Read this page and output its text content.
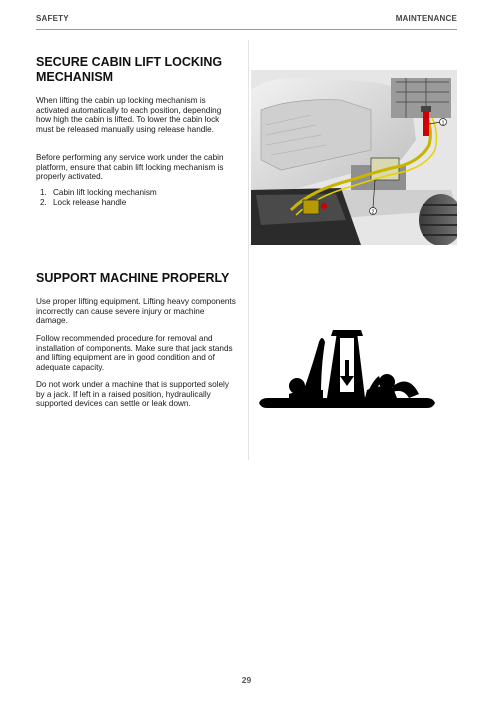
SAFETY	MAINTENANCE
SECURE CABIN LIFT LOCKING MECHANISM

When lifting the cabin up locking mechanism is activated automatically to each position, depending how high the cabin is lifted. To lower the cabin lock must be released manually using release handle.

Before performing any service work under the cabin platform, ensure that cabin lift locking mechanism is properly activated.

1. Cabin lift locking mechanism
2. Lock release handle
1
2
SUPPORT MACHINE PROPERLY

Use proper lifting equipment. Lifting heavy components incorrectly can cause severe injury or machine damage.

Follow recommended procedure for removal and installation of components. Make sure that jack stands and lifting equipment are in good condition and of adequate capacity.

Do not work under a machine that is supported solely by a jack. If left in a raised position, hydraulically supported devices can settle or leak down.

29
